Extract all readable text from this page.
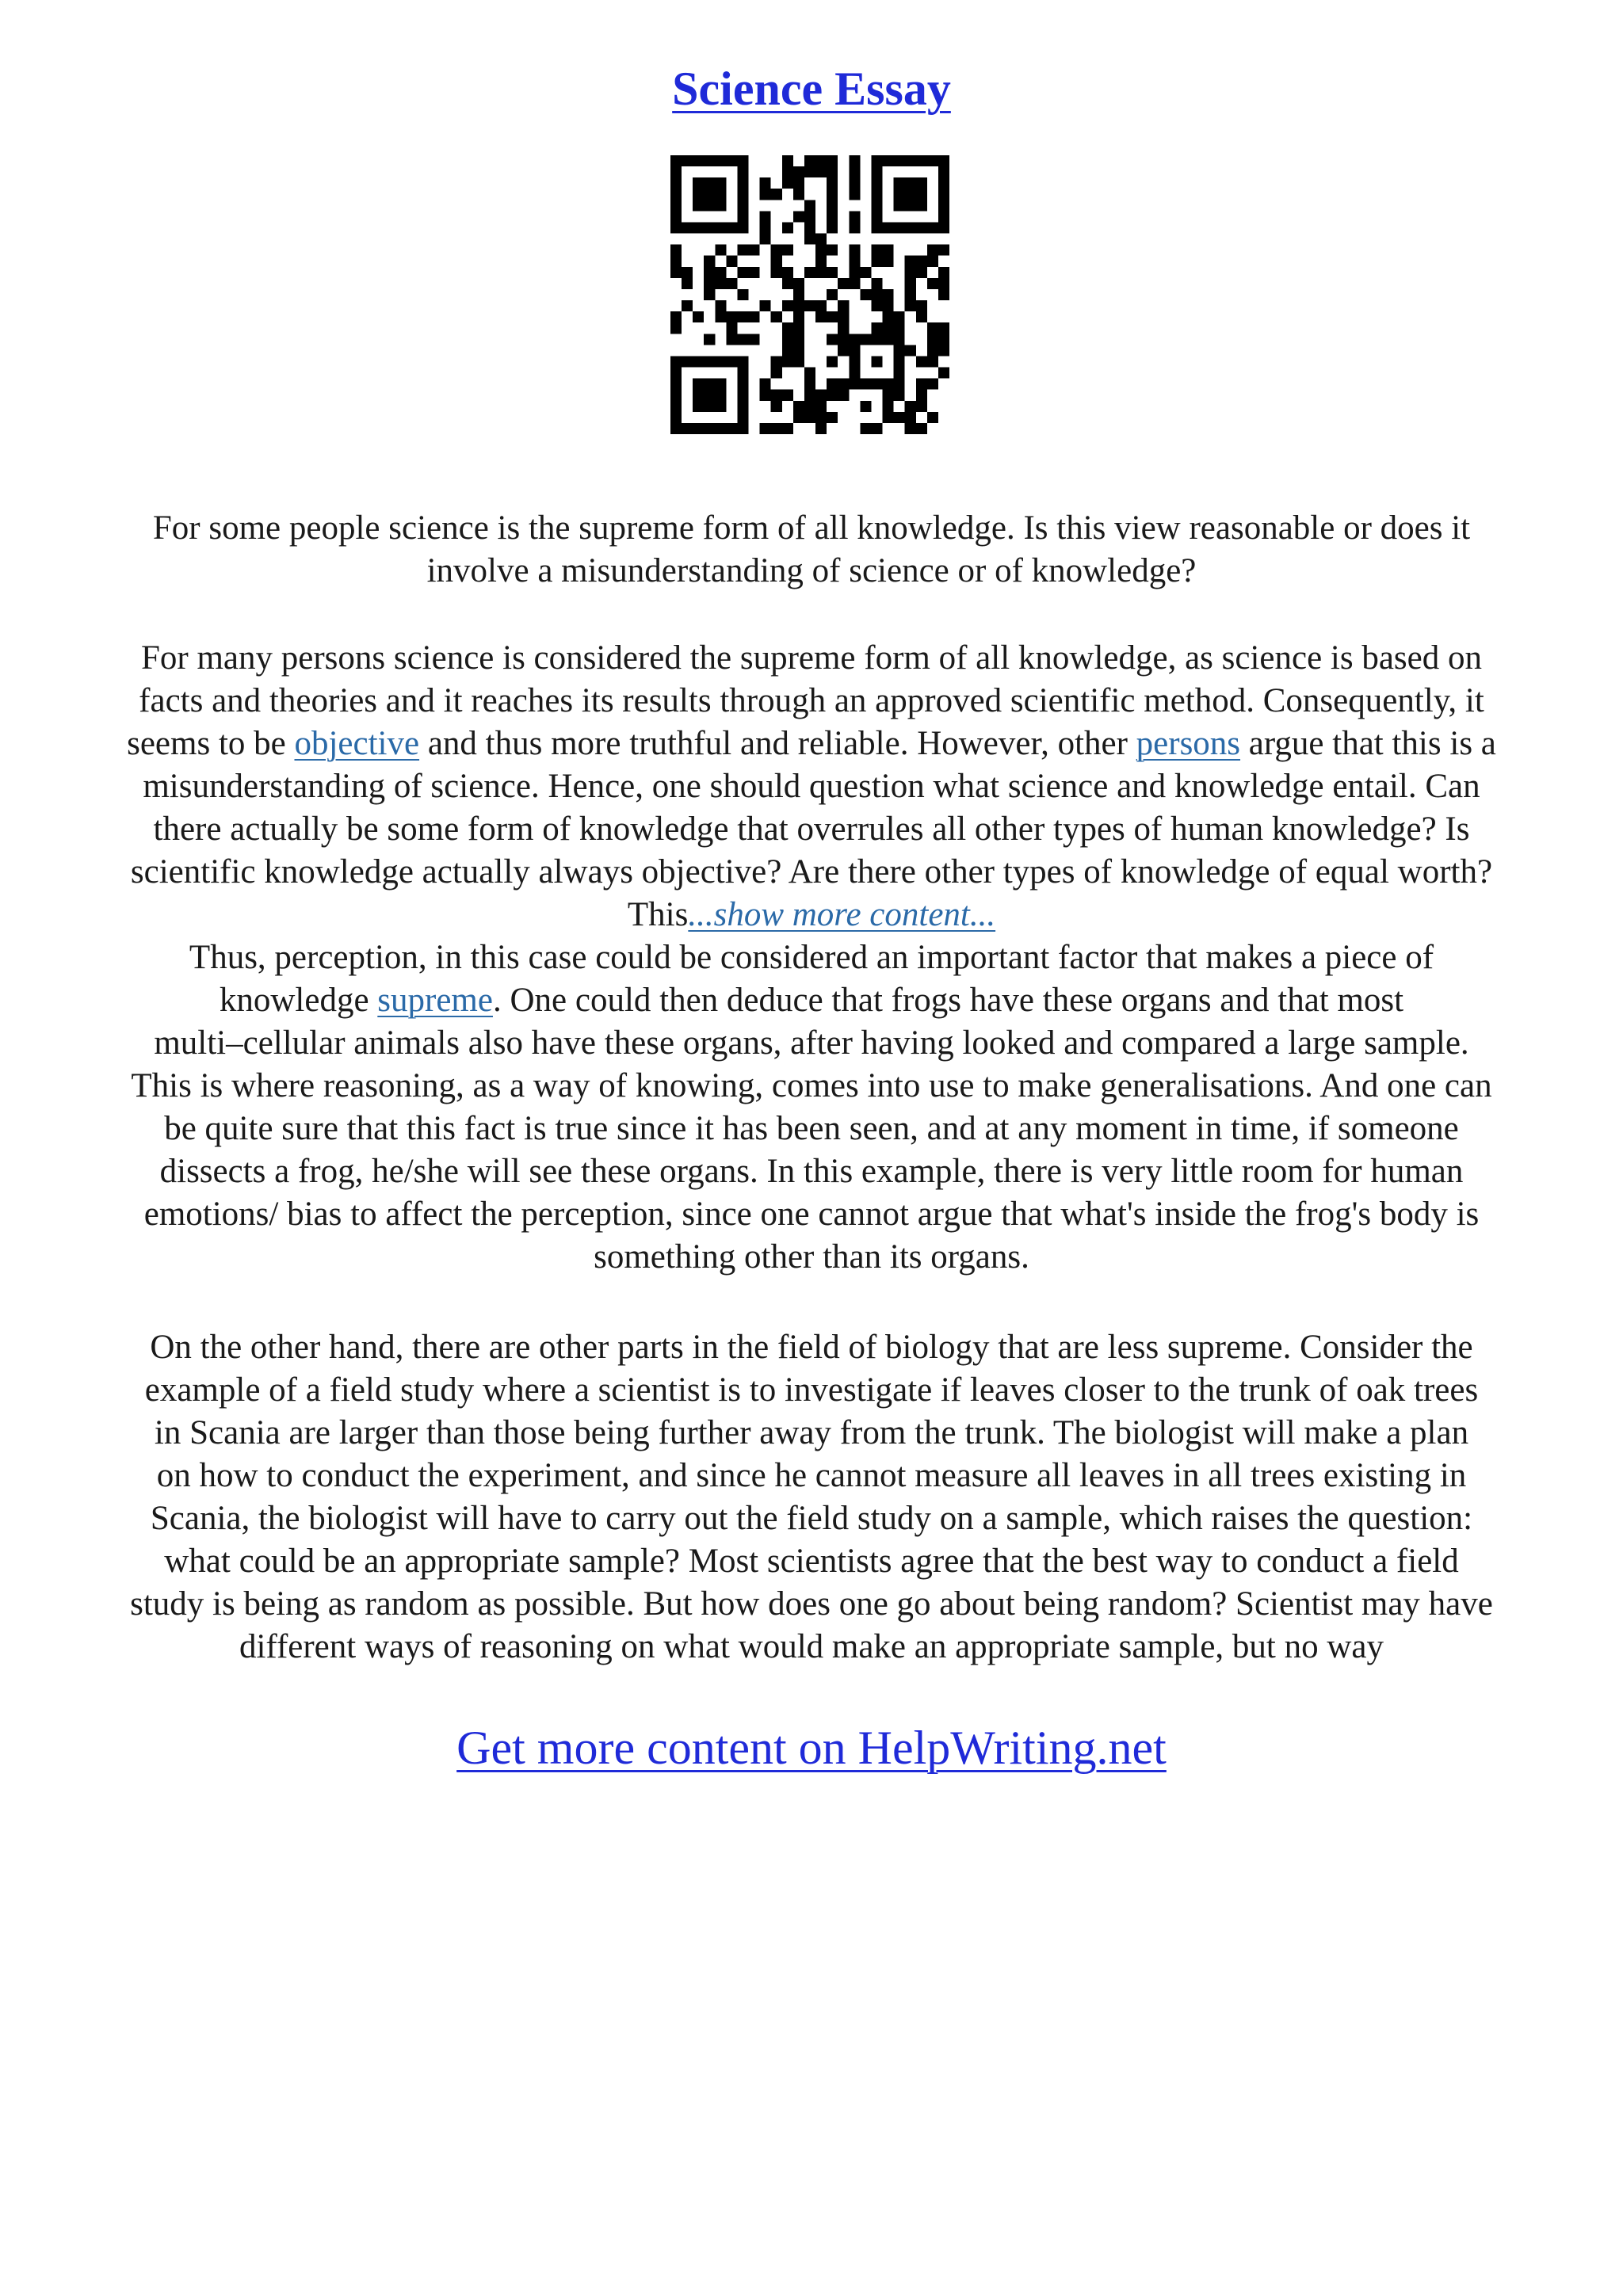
Science Essay
For some people science is the supreme form of all knowledge. Is this view reasonable or does it
involve a misunderstanding of science or of knowledge?
For many persons science is considered the supreme form of all knowledge, as science is based on
facts and theories and it reaches its results through an approved scientific method. Consequently, it
seems to be objective and thus more truthful and reliable. However, other persons argue that this is a
misunderstanding of science. Hence, one should question what science and knowledge entail. Can
there actually be some form of knowledge that overrules all other types of human knowledge? Is
scientific knowledge actually always objective? Are there other types of knowledge of equal worth?
This...show more content...
Thus, perception, in this case could be considered an important factor that makes a piece of
knowledge supreme. One could then deduce that frogs have these organs and that most
multi–cellular animals also have these organs, after having looked and compared a large sample.
This is where reasoning, as a way of knowing, comes into use to make generalisations. And one can
be quite sure that this fact is true since it has been seen, and at any moment in time, if someone
dissects a frog, he/she will see these organs. In this example, there is very little room for human
emotions/ bias to affect the perception, since one cannot argue that what's inside the frog's body is
something other than its organs.
On the other hand, there are other parts in the field of biology that are less supreme. Consider the
example of a field study where a scientist is to investigate if leaves closer to the trunk of oak trees
in Scania are larger than those being further away from the trunk. The biologist will make a plan
on how to conduct the experiment, and since he cannot measure all leaves in all trees existing in
Scania, the biologist will have to carry out the field study on a sample, which raises the question:
what could be an appropriate sample? Most scientists agree that the best way to conduct a field
study is being as random as possible. But how does one go about being random? Scientist may have
different ways of reasoning on what would make an appropriate sample, but no way
Get more content on HelpWriting.net
